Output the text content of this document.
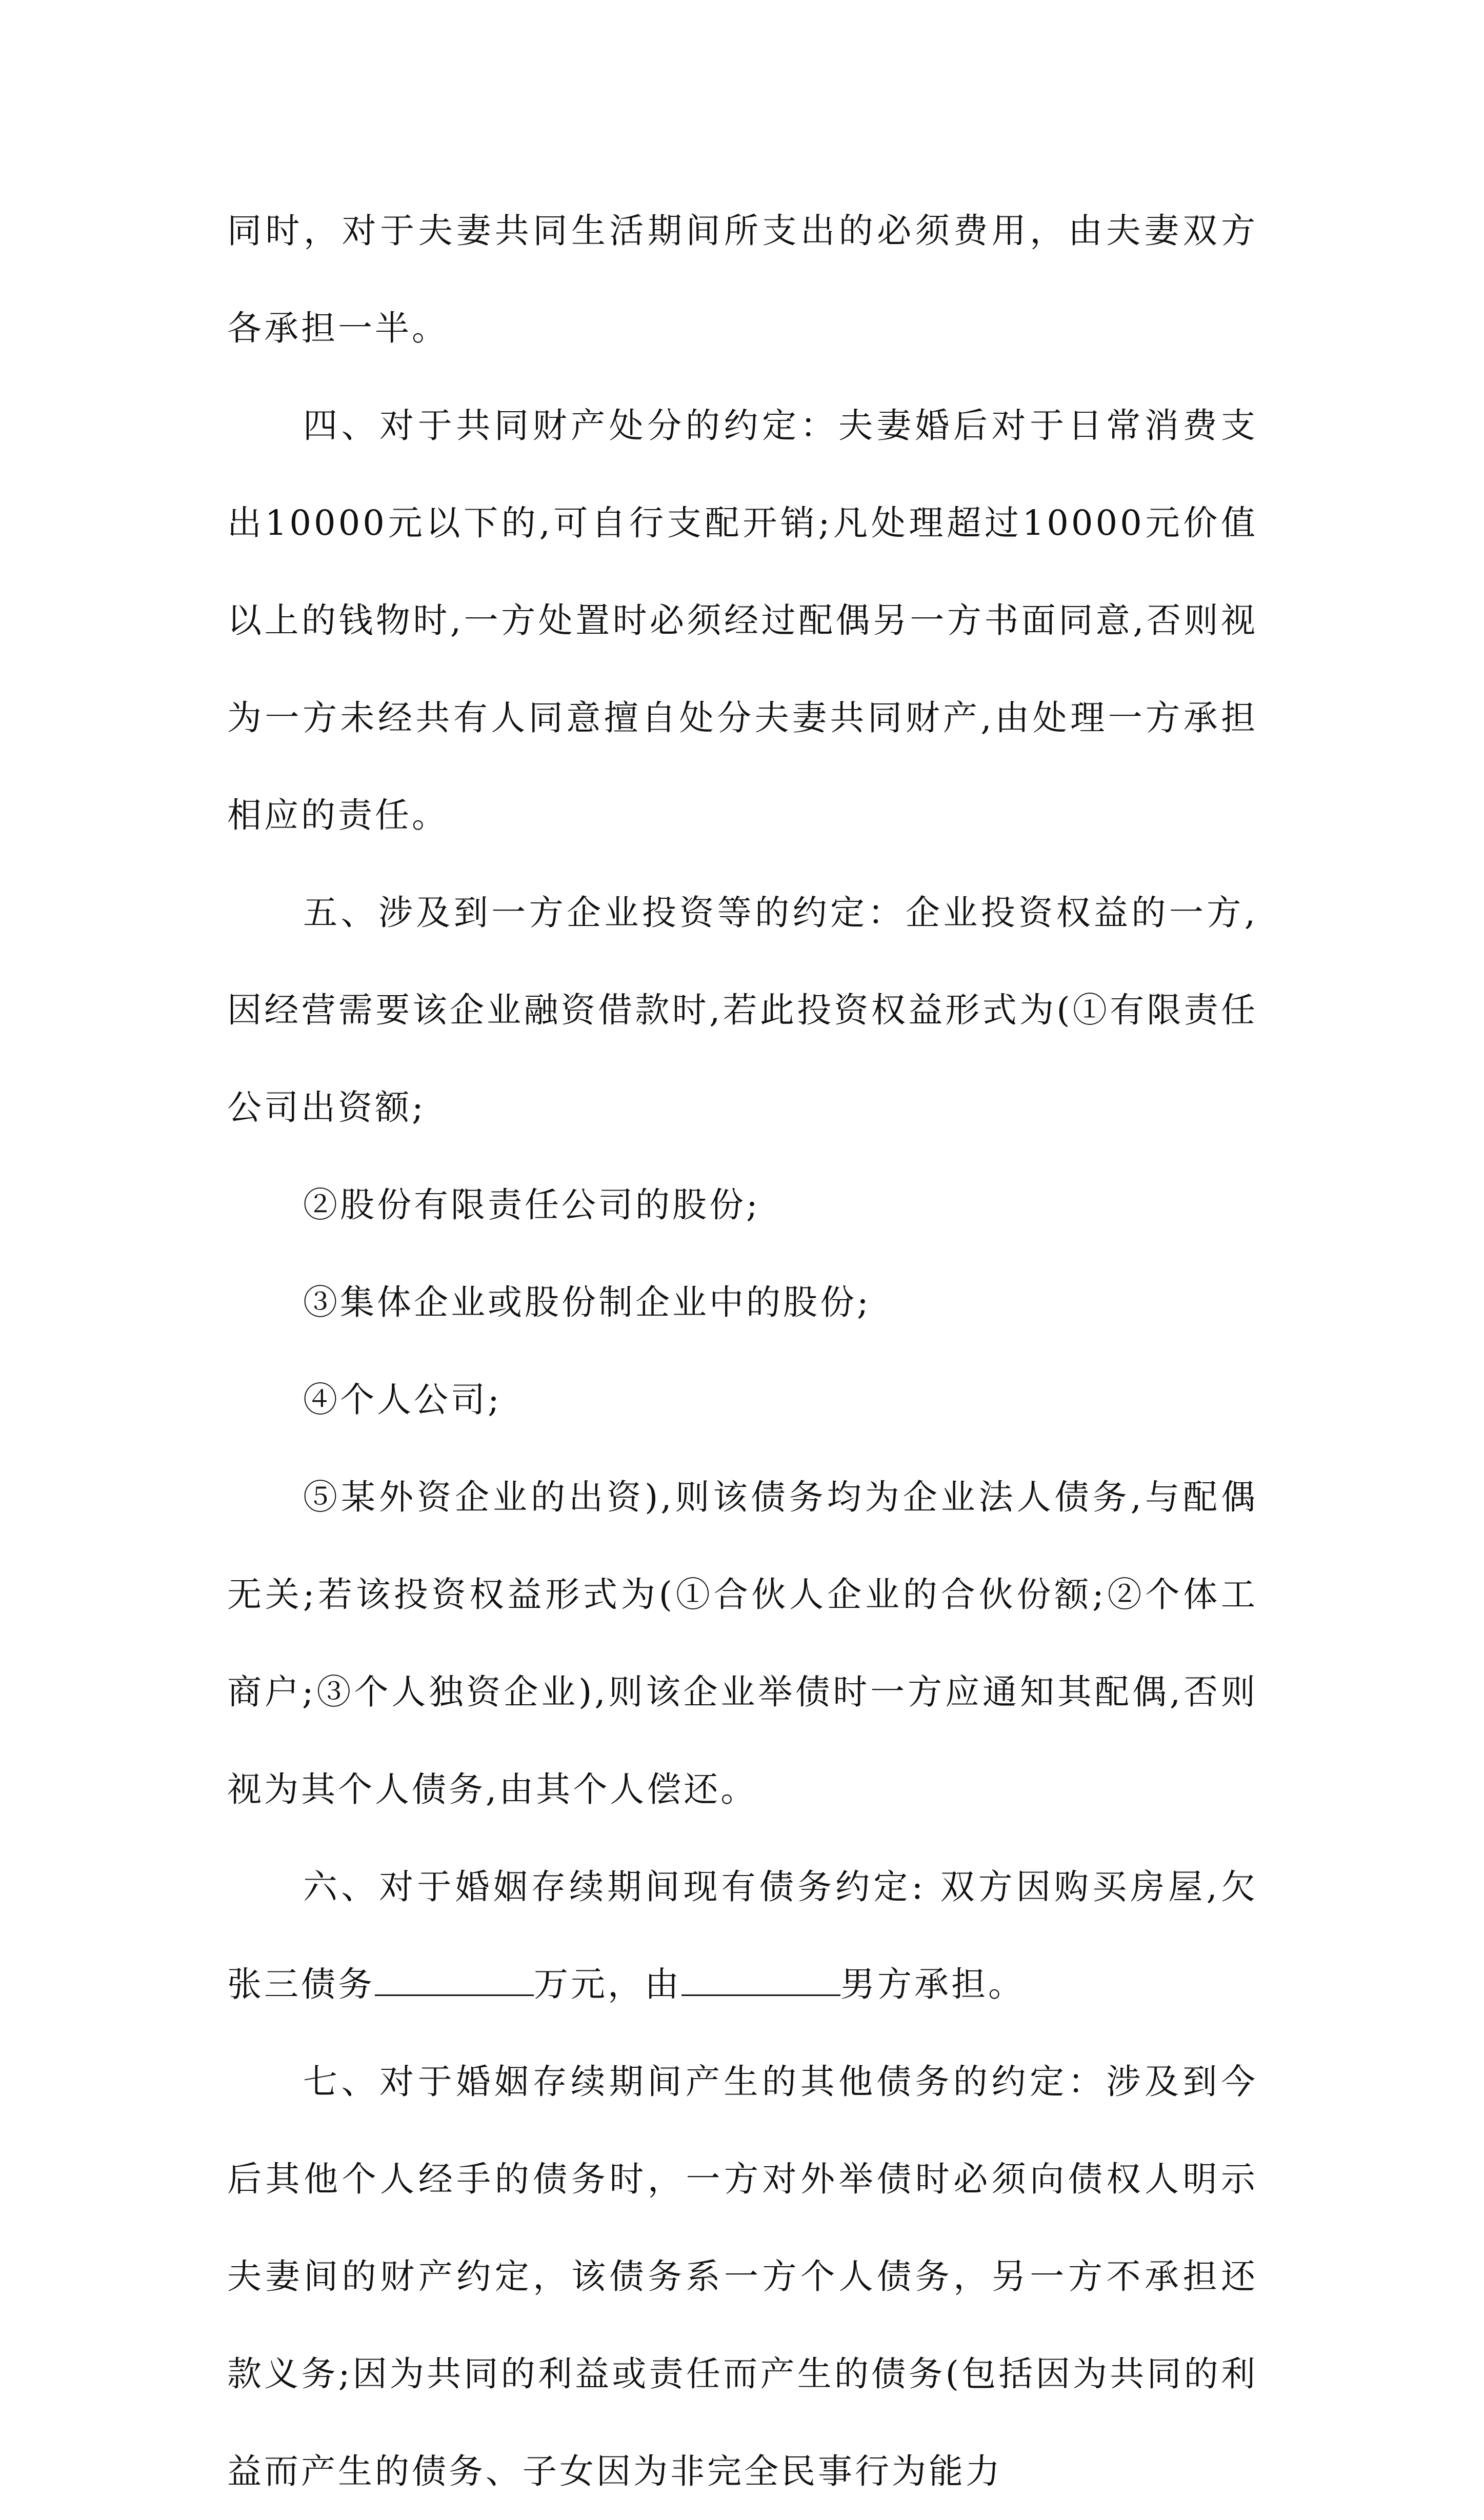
同时，对于夫妻共同生活期间所支出的必须费用，由夫妻双方各承担一半。

四、对于共同财产处分的约定：夫妻婚后对于日常消费支出10000元以下的,可自行支配开销;凡处理超过10000元价值以上的钱物时,一方处置时必须经过配偶另一方书面同意,否则视为一方未经共有人同意擅自处分夫妻共同财产,由处理一方承担相应的责任。

五、涉及到一方企业投资等的约定：企业投资权益的一方,因经营需要该企业融资借款时,若此投资权益形式为(①有限责任公司出资额;

②股份有限责任公司的股份;

③集体企业或股份制企业中的股份;

④个人公司;

⑤某外资企业的出资),则该债务均为企业法人债务,与配偶无关;若该投资权益形式为(①合伙人企业的合伙份额;②个体工商户;③个人独资企业),则该企业举债时一方应通知其配偶,否则视为其个人债务,由其个人偿还。

六、对于婚姻存续期间现有债务约定: 双方因购买房屋,欠张三债务	万元，由	男方承担。

七、对于婚姻存续期间产生的其他债务的约定：涉及到今后其他个人经手的债务时，一方对外举债时必须向债权人明示夫妻间的财产约定，该债务系一方个人债务，另一方不承担还款义务;因为共同的利益或责任而产生的债务(包括因为共同的利益而产生的债务、子女因为非完全民事行为能力
